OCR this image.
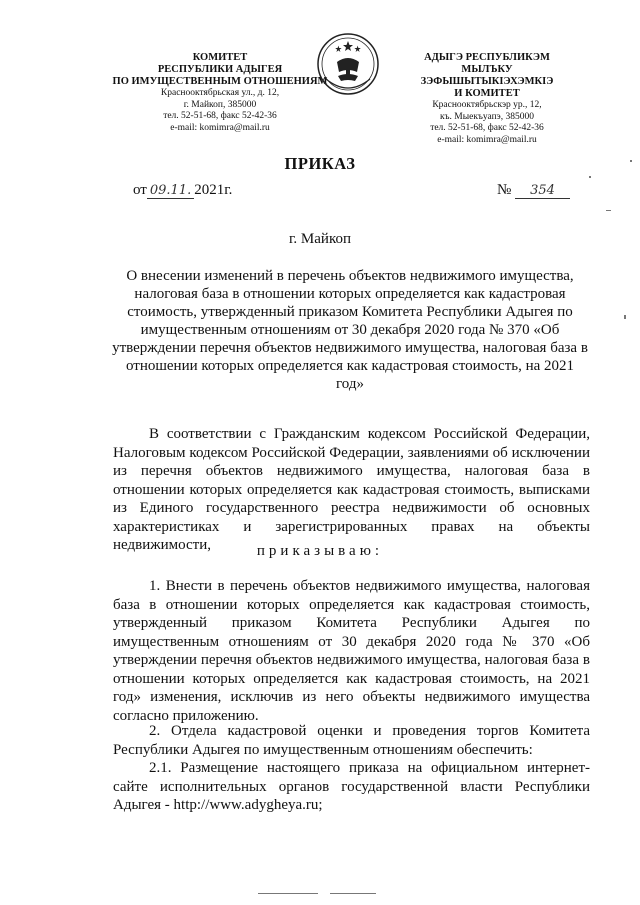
КОМИТЕТ
РЕСПУБЛИКИ АДЫГЕЯ
ПО ИМУЩЕСТВЕННЫМ ОТНОШЕНИЯМ
Краснооктябрьская ул., д. 12,
г. Майкоп, 385000
тел. 52-51-68, факс 52-42-36
e-mail: komimra@mail.ru
АДЫГЭ РЕСПУБЛИКЭМ
МЫЛЪКУ ЗЭФЫШЫТЫКІЭХЭМКІЭ
И КОМИТЕТ
Краснооктябрьскэр ур., 12,
къ. Мыекъуапэ, 385000
тел. 52-51-68, факс 52-42-36
e-mail: komimra@mail.ru
ПРИКАЗ
от 09.11. 2021г.	№ 354
г. Майкоп
О внесении изменений в перечень объектов недвижимого имущества, налоговая база в отношении которых определяется как кадастровая стоимость, утвержденный приказом Комитета Республики Адыгея по имущественным отношениям от 30 декабря 2020 года № 370 «Об утверждении перечня объектов недвижимого имущества, налоговая база в отношении которых определяется как кадастровая стоимость, на 2021 год»
В соответствии с Гражданским кодексом Российской Федерации, Налоговым кодексом Российской Федерации, заявлениями об исключении из перечня объектов недвижимого имущества, налоговая база в отношении которых определяется как кадастровая стоимость, выписками из Единого государственного реестра недвижимости об основных характеристиках и зарегистрированных правах на объекты недвижимости,	приказываю:
1. Внести в перечень объектов недвижимого имущества, налоговая база в отношении которых определяется как кадастровая стоимость, утвержденный приказом Комитета Республики Адыгея по имущественным отношениям от 30 декабря 2020 года № 370 «Об утверждении перечня объектов недвижимого имущества, налоговая база в отношении которых определяется как кадастровая стоимость, на 2021 год» изменения, исключив из него объекты недвижимого имущества согласно приложению.
2. Отдела кадастровой оценки и проведения торгов Комитета Республики Адыгея по имущественным отношениям обеспечить:
2.1. Размещение настоящего приказа на официальном интернет-сайте исполнительных органов государственной власти Республики Адыгея - http://www.adygheya.ru;
